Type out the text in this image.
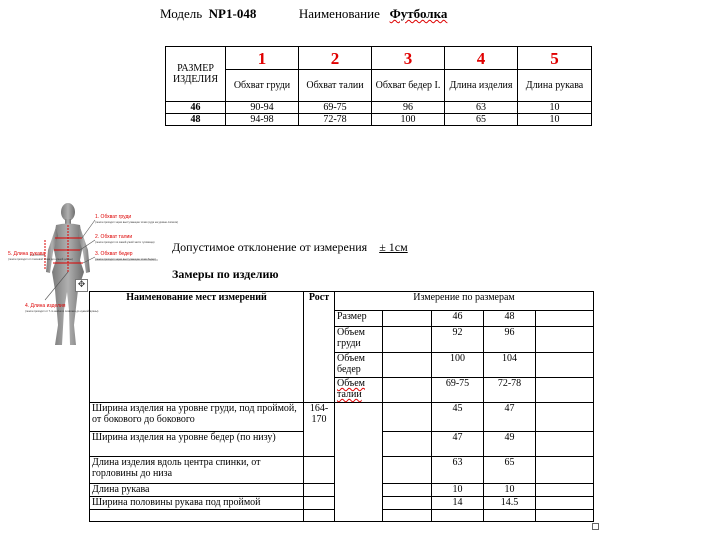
Модель NP1-048	Наименование Футболка
РАЗМЕР ИЗДЕЛИЯ	1	2	3	4	5
	Обхват груди	Обхват талии	Обхват бедер I.	Длина изделия	Длина рукава
46	90-94	69-75	96	63	10
48	94-98	72-78	100	65	10
1. Обхват груди
(лента проходит через выступающие точки груди на уровне лопаток)
2. Обхват талии
(лента проходит по самой узкой части туловища)
3. Обхват бедер
(лента проходит через выступающие точки бедер)
4. Длина изделия
(лента проходит от 7-го шейного позвонка до нужной длины)
5. Длина рукава
(лента проходит от плечевой точки до нужной длины)
Допустимое отклонение от измерения ± 1см
Замеры по изделию
✥
Наименование мест измерений	Рост	Измерение по размерам				
		Размер		46	48	
		Объем груди		92	96	
		Объем бедер		100	104	
		Объем талии		69-75	72-78	
Ширина изделия на уровне груди, под проймой, от бокового до бокового	164-170			45	47	
Ширина изделия на уровне бедер (по низу)				47	49	
Длина изделия вдоль центра спинки, от горловины до низа				63	65	
Длина рукава				10	10	
Ширина половины рукава под проймой				14	14.5	
